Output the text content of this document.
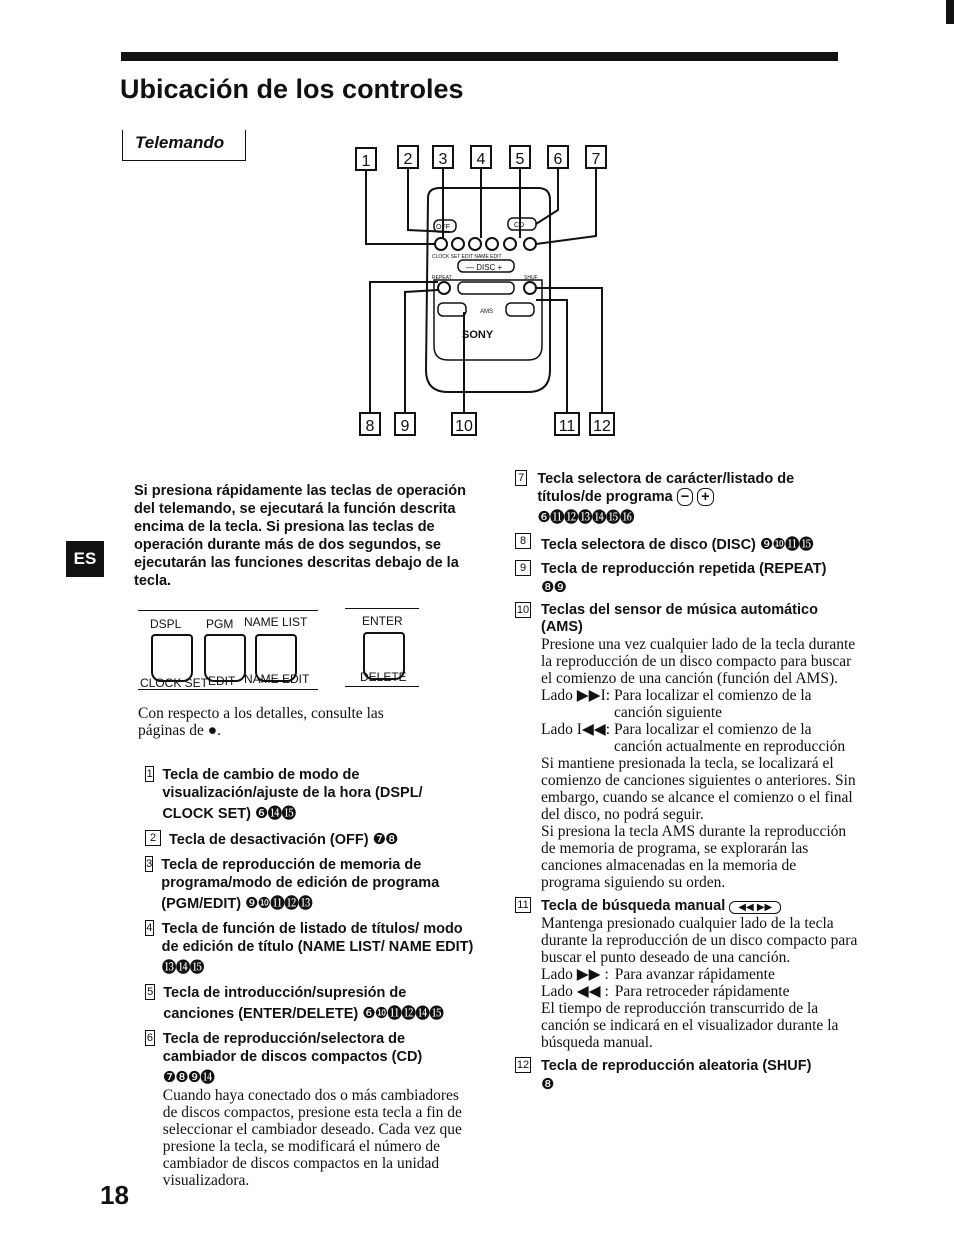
Ubicación de los controles
Telemando
ES
1 2 3 4 5 6 7
8 9	10	11 12
OFF	CD
CLOCK SET EDIT NAME EDIT
— DISC +
REPEAT	SHUF
AMS
SONY
Si presiona rápidamente las teclas de operación del telemando, se ejecutará la función descrita encima de la tecla. Si presiona las teclas de operación durante más de dos segundos, se ejecutarán las funciones descritas debajo de la tecla.
DSPL PGM NAME LIST
CLOCK SET EDIT NAME EDIT
ENTER
DELETE
Con respecto a los detalles, consulte las páginas de ●.
1 Tecla de cambio de modo de visualización/ajuste de la hora (DSPL/ CLOCK SET) ❻⓮⓯
2 Tecla de desactivación (OFF) ❼❽
3 Tecla de reproducción de memoria de programa/modo de edición de programa (PGM/EDIT) ❾❿⓫⓬⓭
4 Tecla de función de listado de títulos/ modo de edición de título (NAME LIST/ NAME EDIT) ⓭⓮⓯
5 Tecla de introducción/supresión de canciones (ENTER/DELETE) ❻❿⓫⓬⓮⓯
6 Tecla de reproducción/selectora de cambiador de discos compactos (CD) ❼❽❾⓮
Cuando haya conectado dos o más cambiadores de discos compactos, presione esta tecla a fin de seleccionar el cambiador deseado. Cada vez que presione la tecla, se modificará el número de cambiador de discos compactos en la unidad visualizadora.
7 Tecla selectora de carácter/listado de títulos/de programa − +
❻⓫⓬⓭⓮⓯⓰
8	Tecla selectora de disco (DISC) ❾❿⓫⓯
9	Tecla de reproducción repetida (REPEAT)
❽❾
10 Teclas del sensor de música automático (AMS)
Presione una vez cualquier lado de la tecla durante la reproducción de un disco compacto para buscar el comienzo de una canción (función del AMS).
Lado ▶▶I:	Para localizar el comienzo de la canción siguiente
Lado I◀◀:	Para localizar el comienzo de la canción actualmente en reproducción
Si mantiene presionada la tecla, se localizará el comienzo de canciones siguientes o anteriores. Sin embargo, cuando se alcance el comienzo o el final del disco, no podrá seguir.
Si presiona la tecla AMS durante la reproducción de memoria de programa, se explorarán las canciones almacenadas en la memoria de programa siguiendo su orden.
11 Tecla de búsqueda manual ◀◀ ▶▶
Mantenga presionado cualquier lado de la tecla durante la reproducción de un disco compacto para buscar el punto deseado de una canción.
Lado ▶▶ :	Para avanzar rápidamente
Lado ◀◀ :	Para retroceder rápidamente
El tiempo de reproducción transcurrido de la canción se indicará en el visualizador durante la búsqueda manual.
12 Tecla de reproducción aleatoria (SHUF)
❽
18
